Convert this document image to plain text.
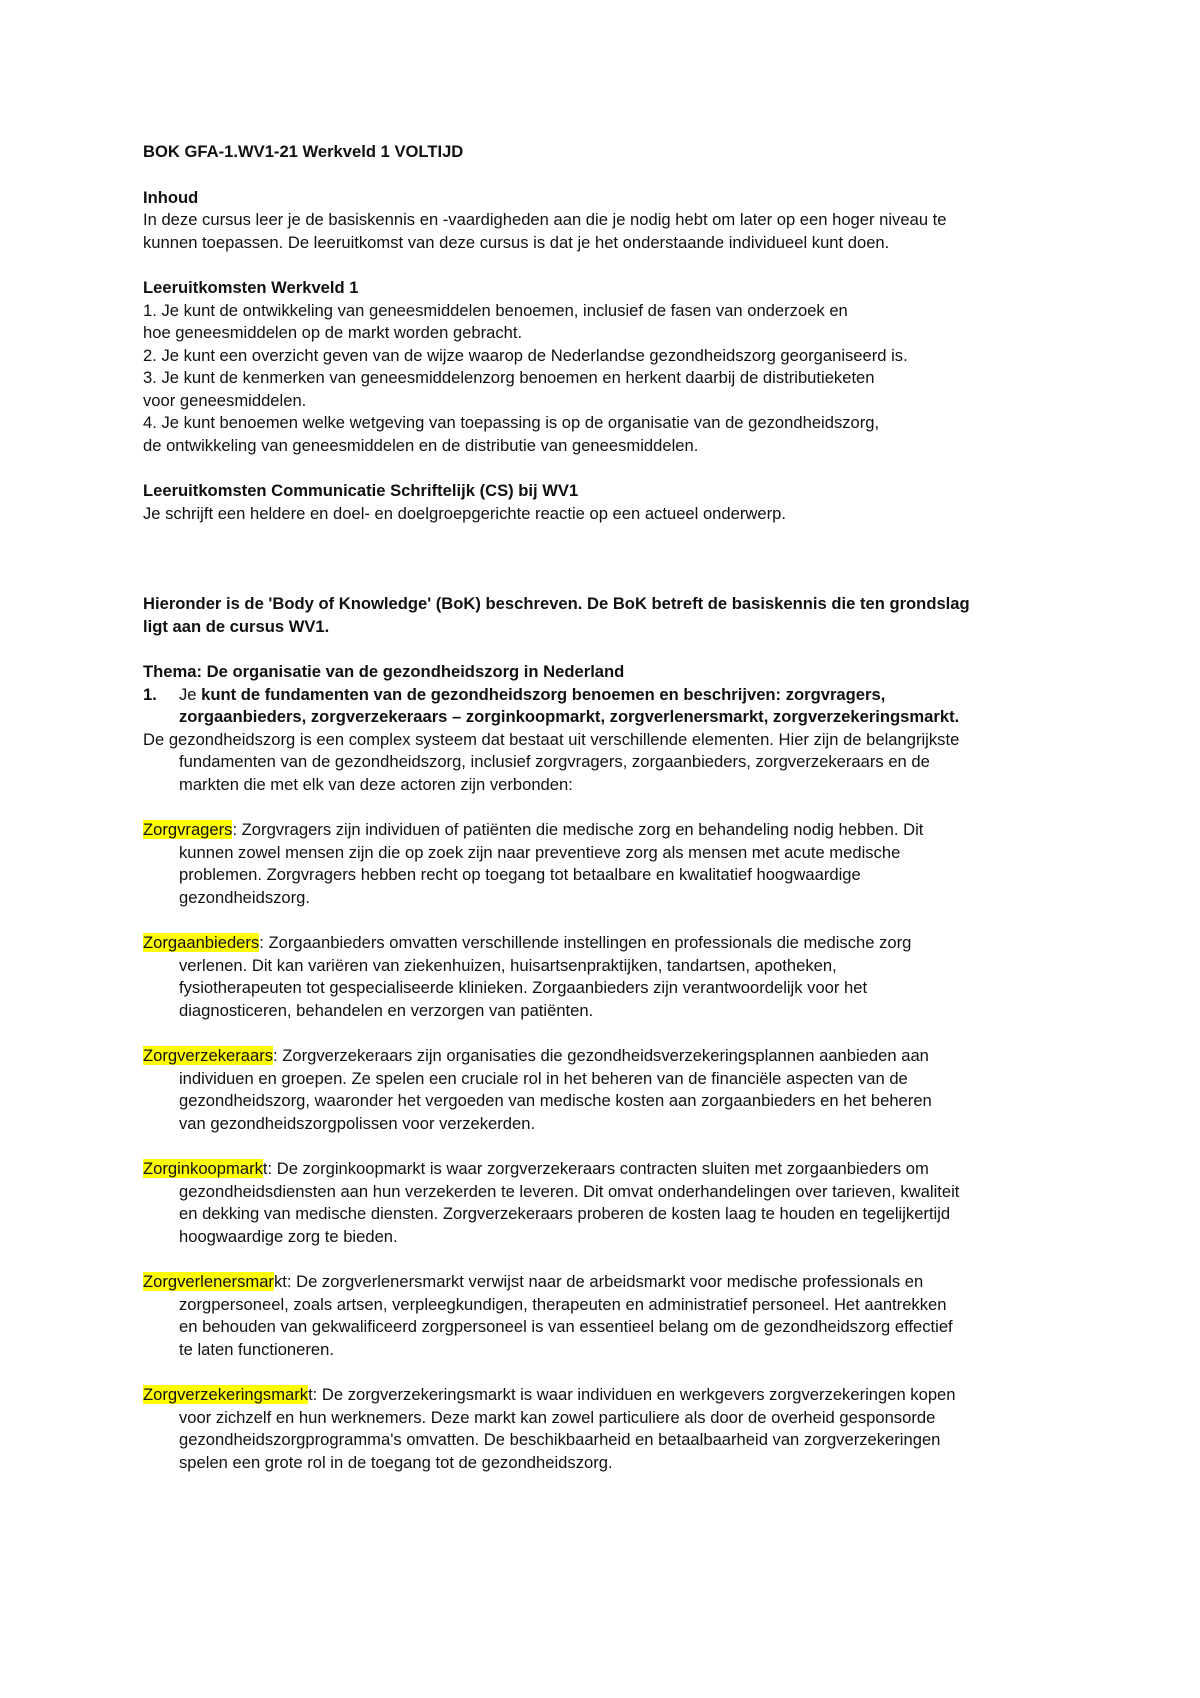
BOK GFA-1.WV1-21 Werkveld 1 VOLTIJD

Inhoud

In deze cursus leer je de basiskennis en -vaardigheden aan die je nodig hebt om later op een hoger niveau te

kunnen toepassen. De leeruitkomst van deze cursus is dat je het onderstaande individueel kunt doen.

Leeruitkomsten Werkveld 1

1. Je kunt de ontwikkeling van geneesmiddelen benoemen, inclusief de fasen van onderzoek en

hoe geneesmiddelen op de markt worden gebracht.

2. Je kunt een overzicht geven van de wijze waarop de Nederlandse gezondheidszorg georganiseerd is.

3. Je kunt de kenmerken van geneesmiddelenzorg benoemen en herkent daarbij de distributieketen

voor geneesmiddelen.

4. Je kunt benoemen welke wetgeving van toepassing is op de organisatie van de gezondheidszorg,

de ontwikkeling van geneesmiddelen en de distributie van geneesmiddelen.

Leeruitkomsten Communicatie Schriftelijk (CS) bij WV1

Je schrijft een heldere en doel- en doelgroepgerichte reactie op een actueel onderwerp.

Hieronder is de 'Body of Knowledge' (BoK) beschreven. De BoK betreft de basiskennis die ten grondslag

ligt aan de cursus WV1.

Thema: De organisatie van de gezondheidszorg in Nederland

1.	Je kunt de fundamenten van de gezondheidszorg benoemen en beschrijven: zorgvragers,
zorgaanbieders, zorgverzekeraars – zorginkoopmarkt, zorgverlenersmarkt, zorgverzekeringsmarkt.

De gezondheidszorg is een complex systeem dat bestaat uit verschillende elementen. Hier zijn de belangrijkste
fundamenten van de gezondheidszorg, inclusief zorgvragers, zorgaanbieders, zorgverzekeraars en de
markten die met elk van deze actoren zijn verbonden:

Zorgvragers: Zorgvragers zijn individuen of patiënten die medische zorg en behandeling nodig hebben. Dit
kunnen zowel mensen zijn die op zoek zijn naar preventieve zorg als mensen met acute medische
problemen. Zorgvragers hebben recht op toegang tot betaalbare en kwalitatief hoogwaardige
gezondheidszorg.

Zorgaanbieders: Zorgaanbieders omvatten verschillende instellingen en professionals die medische zorg
verlenen. Dit kan variëren van ziekenhuizen, huisartsenpraktijken, tandartsen, apotheken,
fysiotherapeuten tot gespecialiseerde klinieken. Zorgaanbieders zijn verantwoordelijk voor het
diagnosticeren, behandelen en verzorgen van patiënten.

Zorgverzekeraars: Zorgverzekeraars zijn organisaties die gezondheidsverzekeringsplannen aanbieden aan
individuen en groepen. Ze spelen een cruciale rol in het beheren van de financiële aspecten van de
gezondheidszorg, waaronder het vergoeden van medische kosten aan zorgaanbieders en het beheren
van gezondheidszorgpolissen voor verzekerden.

Zorginkoopmarkt: De zorginkoopmarkt is waar zorgverzekeraars contracten sluiten met zorgaanbieders om
gezondheidsdiensten aan hun verzekerden te leveren. Dit omvat onderhandelingen over tarieven, kwaliteit
en dekking van medische diensten. Zorgverzekeraars proberen de kosten laag te houden en tegelijkertijd
hoogwaardige zorg te bieden.

Zorgverlenersmarkt: De zorgverlenersmarkt verwijst naar de arbeidsmarkt voor medische professionals en
zorgpersoneel, zoals artsen, verpleegkundigen, therapeuten en administratief personeel. Het aantrekken
en behouden van gekwalificeerd zorgpersoneel is van essentieel belang om de gezondheidszorg effectief
te laten functioneren.

Zorgverzekeringsmarkt: De zorgverzekeringsmarkt is waar individuen en werkgevers zorgverzekeringen kopen
voor zichzelf en hun werknemers. Deze markt kan zowel particuliere als door de overheid gesponsorde
gezondheidszorgprogramma's omvatten. De beschikbaarheid en betaalbaarheid van zorgverzekeringen
spelen een grote rol in de toegang tot de gezondheidszorg.
